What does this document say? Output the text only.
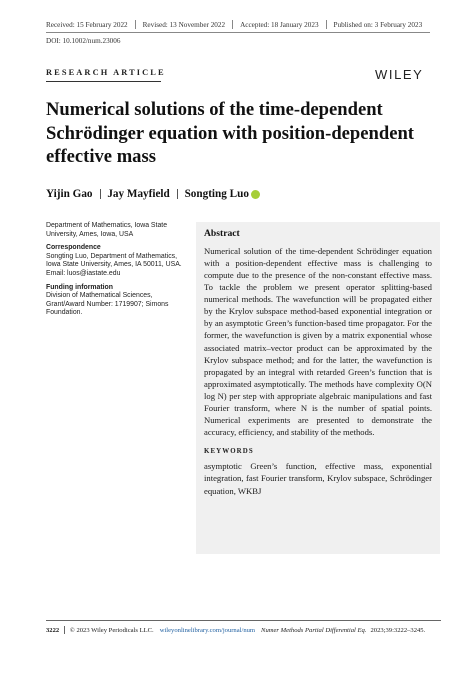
Received: 15 February 2022 Revised: 13 November 2022 Accepted: 18 January 2023 Published on: 3 February 2023
DOI: 10.1002/num.23006
RESEARCH ARTICLE	WILEY
Numerical solutions of the time-dependent Schrödinger equation with position-dependent effective mass
Yijin Gao Jay Mayfield Songting Luo
Department of Mathematics, Iowa State University, Ames, Iowa, USA
Correspondence
Songting Luo, Department of Mathematics, Iowa State University, Ames, IA 50011, USA.
Email: luos@iastate.edu
Funding information
Division of Mathematical Sciences, Grant/Award Number: 1719907; Simons Foundation.
Abstract

Numerical solution of the time-dependent Schrödinger equation with a position-dependent effective mass is challenging to compute due to the presence of the non-constant effective mass. To tackle the problem we present operator splitting-based numerical methods. The wavefunction will be propagated either by the Krylov subspace method-based exponential integration or by an asymptotic Green’s function-based time propagator. For the former, the wavefunction is given by a matrix exponential whose associated matrix–vector product can be approximated by the Krylov subspace method; and for the latter, the wavefunction is propagated by an integral with retarded Green’s function that is approximated asymptotically. The methods have complexity O(N log N) per step with appropriate algebraic manipulations and fast Fourier transform, where N is the number of spatial points. Numerical experiments are presented to demonstrate the accuracy, efficiency, and stability of the methods.

KEYWORDS

asymptotic Green’s function, effective mass, exponential integration, fast Fourier transform, Krylov subspace, Schrödinger equation, WKBJ

3222 © 2023 Wiley Periodicals LLC. wileyonlinelibrary.com/journal/num Numer Methods Partial Differential Eq. 2023;39:3222–3245.
